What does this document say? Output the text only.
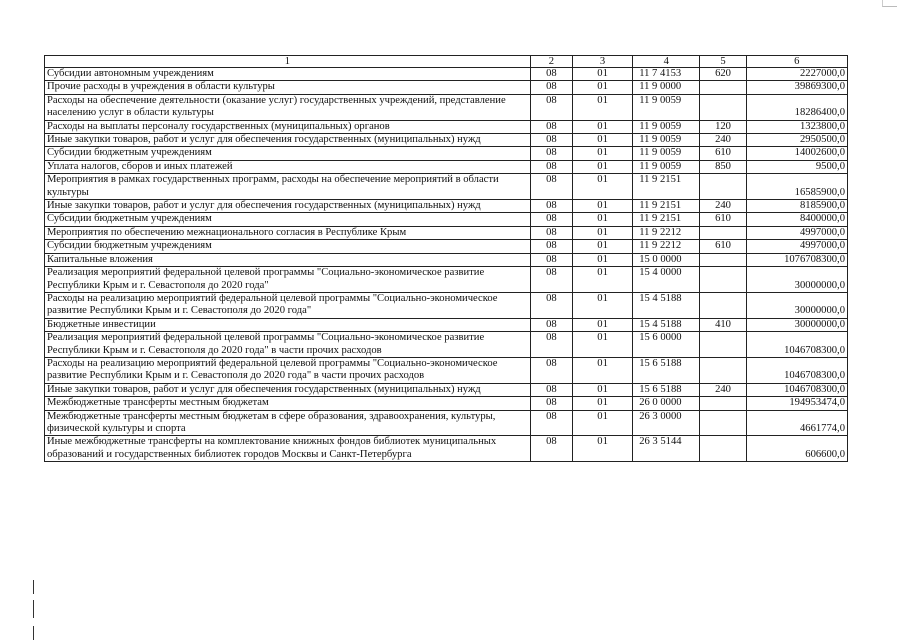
1	2	3	4	5	6
Субсидии автономным учреждениям	08	01	11 7 4153	620	2227000,0
Прочие расходы в учреждения в области культуры	08	01	11 9 0000		39869300,0
Расходы на обеспечение деятельности (оказание услуг) государственных учреждений, представление населению услуг в области культуры	08	01	11 9 0059		18286400,0
Расходы на выплаты персоналу государственных (муниципальных) органов	08	01	11 9 0059	120	1323800,0
Иные закупки товаров, работ и услуг для обеспечения государственных (муниципальных) нужд	08	01	11 9 0059	240	2950500,0
Субсидии бюджетным учреждениям	08	01	11 9 0059	610	14002600,0
Уплата налогов, сборов и иных платежей	08	01	11 9 0059	850	9500,0
Мероприятия в рамках государственных программ, расходы на обеспечение мероприятий в области культуры	08	01	11 9 2151		16585900,0
Иные закупки товаров, работ и услуг для обеспечения государственных (муниципальных) нужд	08	01	11 9 2151	240	8185900,0
Субсидии бюджетным учреждениям	08	01	11 9 2151	610	8400000,0
Мероприятия по обеспечению межнационального согласия в Республике Крым	08	01	11 9 2212		4997000,0
Субсидии бюджетным учреждениям	08	01	11 9 2212	610	4997000,0
Капитальные вложения	08	01	15 0 0000		1076708300,0
Реализация мероприятий федеральной целевой программы "Социально-экономическое развитие Республики Крым и г. Севастополя до 2020 года"	08	01	15 4 0000		30000000,0
Расходы на реализацию мероприятий федеральной целевой программы "Социально-экономическое развитие Республики Крым и г. Севастополя до 2020 года"	08	01	15 4 5188		30000000,0
Бюджетные инвестиции	08	01	15 4 5188	410	30000000,0
Реализация мероприятий федеральной целевой программы "Социально-экономическое развитие Республики Крым и г. Севастополя до 2020 года" в части прочих расходов	08	01	15 6 0000		1046708300,0
Расходы на реализацию мероприятий федеральной целевой программы "Социально-экономическое развитие Республики Крым и г. Севастополя до 2020 года" в части прочих расходов	08	01	15 6 5188		1046708300,0
Иные закупки товаров, работ и услуг для обеспечения государственных (муниципальных) нужд	08	01	15 6 5188	240	1046708300,0
Межбюджетные трансферты местным бюджетам	08	01	26 0 0000		194953474,0
Межбюджетные трансферты местным бюджетам в сфере образования, здравоохранения, культуры, физической культуры и спорта	08	01	26 3 0000		4661774,0
Иные межбюджетные трансферты на комплектование книжных фондов библиотек муниципальных образований и государственных библиотек городов Москвы и Санкт-Петербурга	08	01	26 3 5144		606600,0
